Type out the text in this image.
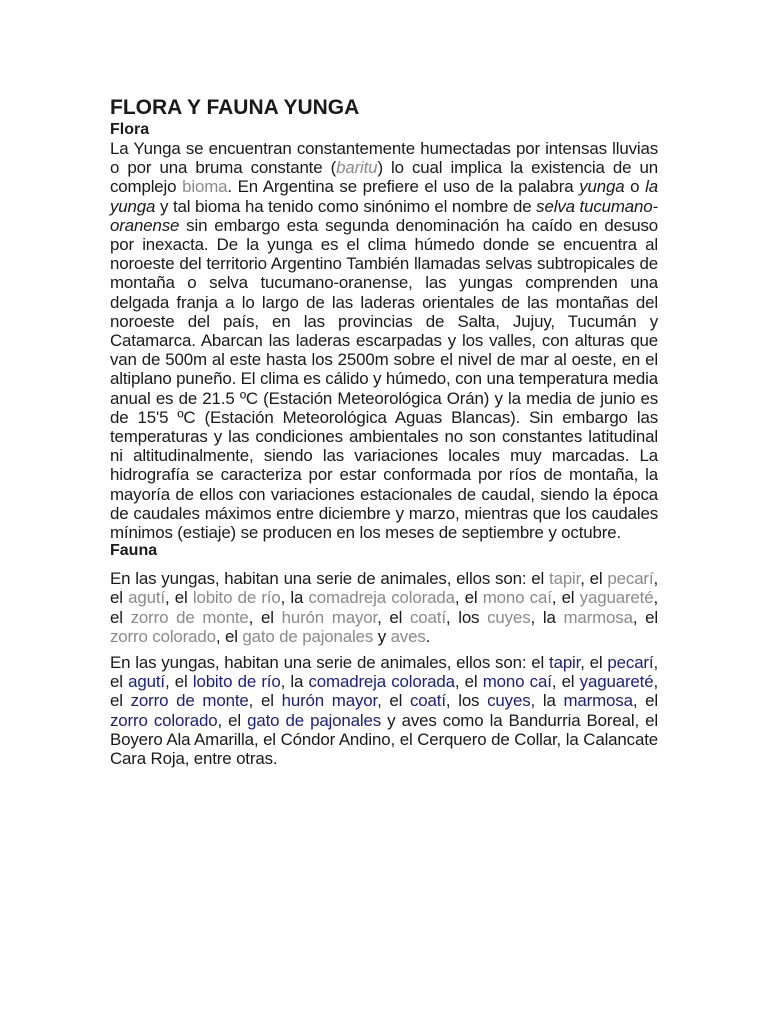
FLORA Y FAUNA YUNGA
Flora

La Yunga se encuentran constantemente humectadas por intensas lluvias o por una bruma constante (baritu) lo cual implica la existencia de un complejo bioma. En Argentina se prefiere el uso de la palabra yunga o la yunga y tal bioma ha tenido como sinónimo el nombre de selva tucumano-oranense sin embargo esta segunda denominación ha caído en desuso por inexacta. De la yunga es el clima húmedo donde se encuentra al noroeste del territorio Argentino También llamadas selvas subtropicales de montaña o selva tucumano-oranense, las yungas comprenden una delgada franja a lo largo de las laderas orientales de las montañas del noroeste del país, en las provincias de Salta, Jujuy, Tucumán y Catamarca. Abarcan las laderas escarpadas y los valles, con alturas que van de 500m al este hasta los 2500m sobre el nivel de mar al oeste, en el altiplano puneño. El clima es cálido y húmedo, con una temperatura media anual es de 21.5 ºC (Estación Meteorológica Orán) y la media de junio es de 15'5 ºC (Estación Meteorológica Aguas Blancas). Sin embargo las temperaturas y las condiciones ambientales no son constantes latitudinal ni altitudinalmente, siendo las variaciones locales muy marcadas. La hidrografía se caracteriza por estar conformada por ríos de montaña, la mayoría de ellos con variaciones estacionales de caudal, siendo la época de caudales máximos entre diciembre y marzo, mientras que los caudales mínimos (estiaje) se producen en los meses de septiembre y octubre.

Fauna

En las yungas, habitan una serie de animales, ellos son: el tapir, el pecarí, el agutí, el lobito de río, la comadreja colorada, el mono caí, el yaguareté, el zorro de monte, el hurón mayor, el coatí, los cuyes, la marmosa, el zorro colorado, el gato de pajonales y aves.

En las yungas, habitan una serie de animales, ellos son: el tapir, el pecarí, el agutí, el lobito de río, la comadreja colorada, el mono caí, el yaguareté, el zorro de monte, el hurón mayor, el coatí, los cuyes, la marmosa, el zorro colorado, el gato de pajonales y aves como la Bandurria Boreal, el Boyero Ala Amarilla, el Cóndor Andino, el Cerquero de Collar, la Calancate Cara Roja, entre otras.
